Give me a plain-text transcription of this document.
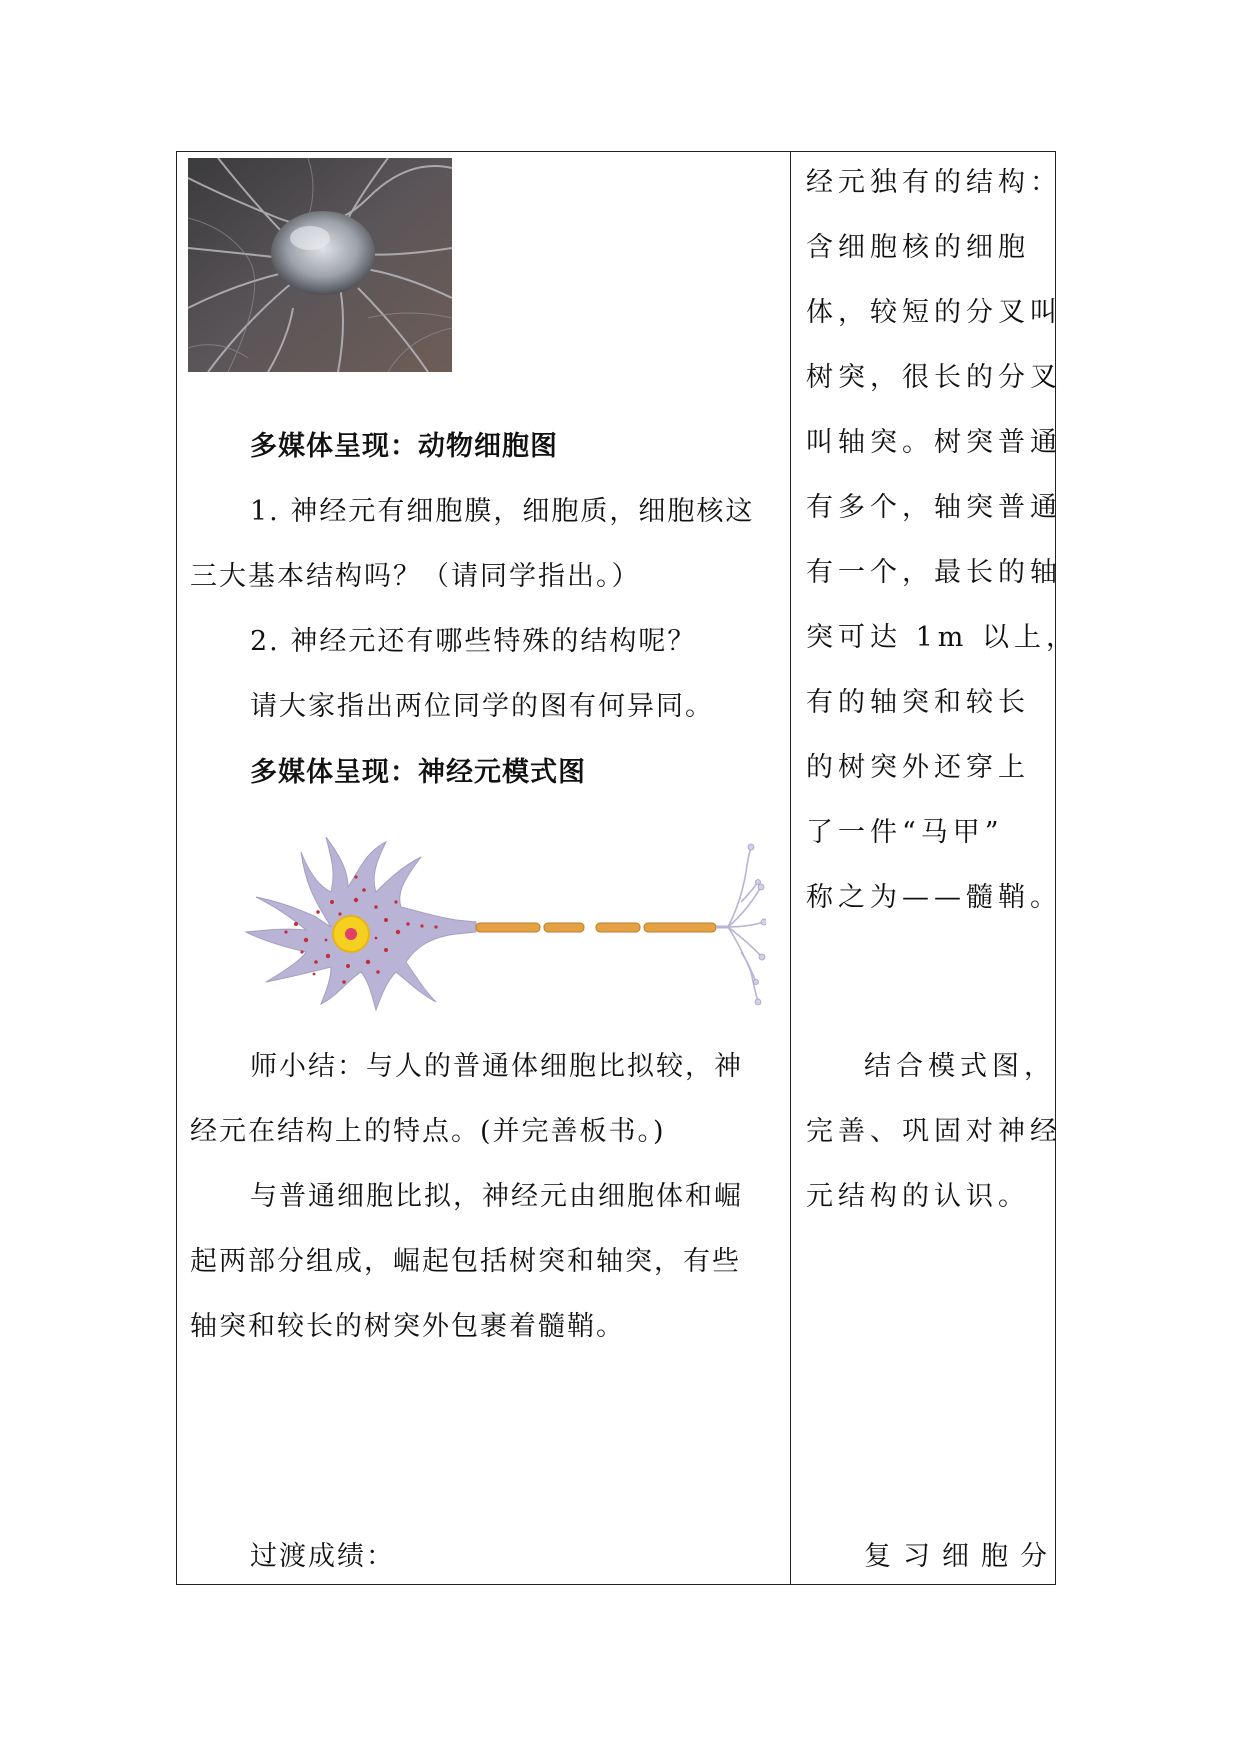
多媒体呈现：动物细胞图
1. 神经元有细胞膜，细胞质，细胞核这
三大基本结构吗？（请同学指出。）
2. 神经元还有哪些特殊的结构呢？
请大家指出两位同学的图有何异同。
多媒体呈现：神经元模式图
师小结：与人的普通体细胞比拟较，神
经元在结构上的特点。(并完善板书。)
与普通细胞比拟，神经元由细胞体和崛
起两部分组成，崛起包括树突和轴突，有些
轴突和较长的树突外包裹着髓鞘。
过渡成绩：
经元独有的结构：
含细胞核的细胞
体，较短的分叉叫
树突，很长的分叉
叫轴突。树突普通
有多个，轴突普通
有一个，最长的轴
突可达 1m 以上，
有的轴突和较长
的树突外还穿上
了一件“马甲”
称之为——髓鞘。
结合模式图，
完善、巩固对神经
元结构的认识。
复习细胞分
